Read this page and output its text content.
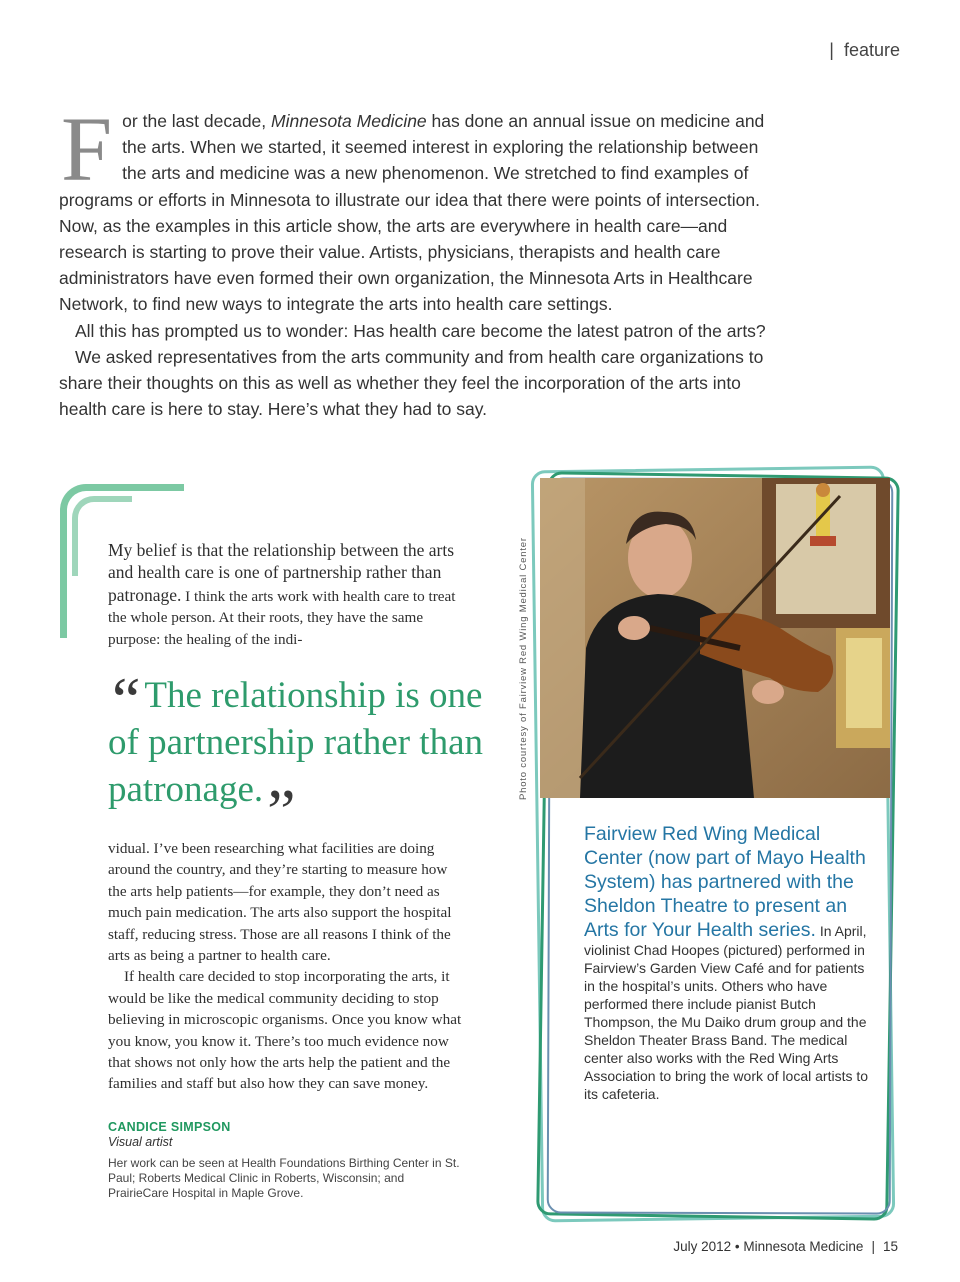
| feature

For the last decade, Minnesota Medicine has done an annual issue on medicine and the arts. When we started, it seemed interest in exploring the relationship between the arts and medicine was a new phenomenon. We stretched to find examples of programs or efforts in Minnesota to illustrate our idea that there were points of intersection. Now, as the examples in this article show, the arts are everywhere in health care—and research is starting to prove their value. Artists, physicians, therapists and health care administrators have even formed their own organization, the Minnesota Arts in Healthcare Network, to find new ways to integrate the arts into health care settings.

All this has prompted us to wonder: Has health care become the latest patron of the arts?

We asked representatives from the arts community and from health care organizations to share their thoughts on this as well as whether they feel the incorporation of the arts into health care is here to stay. Here’s what they had to say.

My belief is that the relationship between the arts and health care is one of partnership rather than patronage. I think the arts work with health care to treat the whole person. At their roots, they have the same purpose: the healing of the indi-

“ The relationship is one of partnership rather than patronage.”

vidual. I’ve been researching what facilities are doing around the country, and they’re starting to measure how the arts help patients—for example, they don’t need as much pain medication. The arts also support the hospital staff, reducing stress. Those are all reasons I think of the arts as being a partner to health care.

If health care decided to stop incorporating the arts, it would be like the medical community deciding to stop believing in microscopic organisms. Once you know what you know, you know it. There’s too much evidence now that shows not only how the arts help the patient and the families and staff but also how they can save money.

CANDICE SIMPSON
Visual artist
Her work can be seen at Health Foundations Birthing Center in St. Paul; Roberts Medical Clinic in Roberts, Wisconsin; and PrairieCare Hospital in Maple Grove.
Photo courtesy of Fairview Red Wing Medical Center
Fairview Red Wing Medical Center (now part of Mayo Health System) has partnered with the Sheldon Theatre to present an Arts for Your Health series. In April, violinist Chad Hoopes (pictured) performed in Fairview’s Garden View Café and for patients in the hospital’s units. Others who have performed there include pianist Butch Thompson, the Mu Daiko drum group and the Sheldon Theater Brass Band. The medical center also works with the Red Wing Arts Association to bring the work of local artists to its cafeteria.
July 2012 • Minnesota Medicine | 15
